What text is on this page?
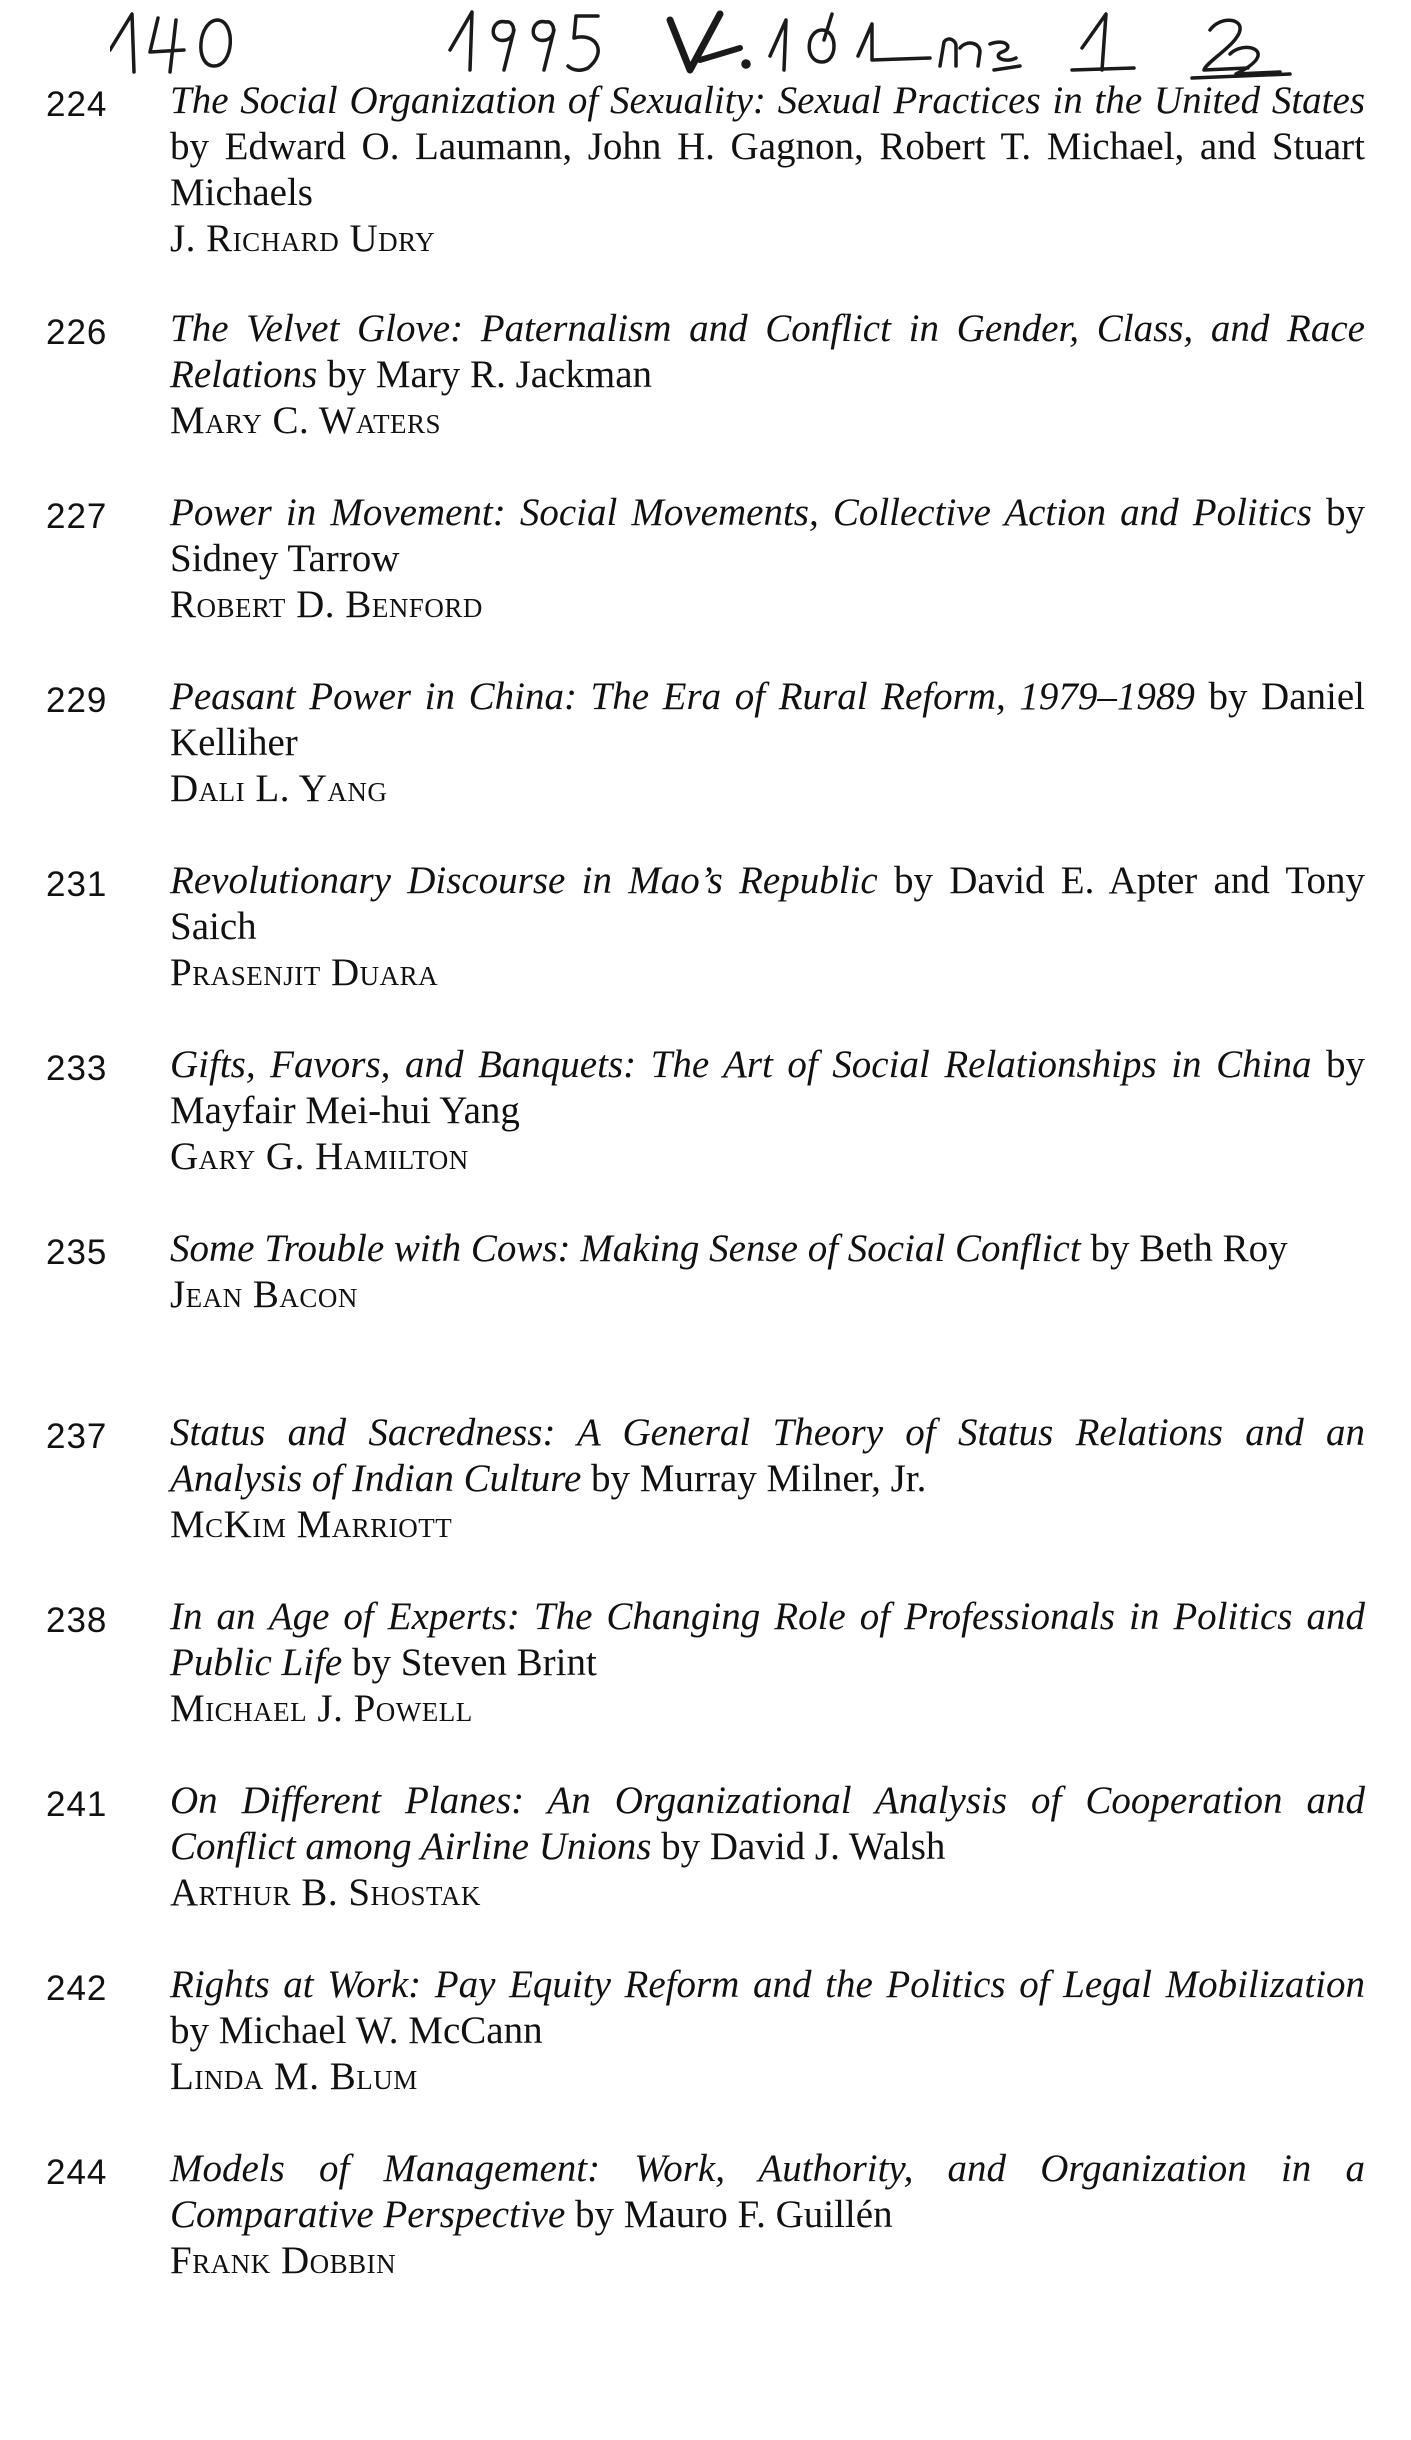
224 The Social Organization of Sexuality: Sexual Practices in the United States by Edward O. Laumann, John H. Gagnon, Robert T. Michael, and Stuart Michaels

J. Richard Udry

226 The Velvet Glove: Paternalism and Conflict in Gender, Class, and Race Relations by Mary R. Jackman

Mary C. Waters

227 Power in Movement: Social Movements, Collective Action and Politics by Sidney Tarrow

Robert D. Benford

229 Peasant Power in China: The Era of Rural Reform, 1979–1989 by Daniel Kelliher

Dali L. Yang

231 Revolutionary Discourse in Mao’s Republic by David E. Apter and Tony Saich

Prasenjit Duara

233 Gifts, Favors, and Banquets: The Art of Social Relationships in China by Mayfair Mei-hui Yang

Gary G. Hamilton

235 Some Trouble with Cows: Making Sense of Social Conflict by Beth Roy

Jean Bacon

237 Status and Sacredness: A General Theory of Status Relations and an Analysis of Indian Culture by Murray Milner, Jr.

McKim Marriott

238 In an Age of Experts: The Changing Role of Professionals in Politics and Public Life by Steven Brint

Michael J. Powell

241 On Different Planes: An Organizational Analysis of Cooperation and Conflict among Airline Unions by David J. Walsh

Arthur B. Shostak

242 Rights at Work: Pay Equity Reform and the Politics of Legal Mobilization by Michael W. McCann

Linda M. Blum

244 Models of Management: Work, Authority, and Organization in a Comparative Perspective by Mauro F. Guillén

Frank Dobbin
